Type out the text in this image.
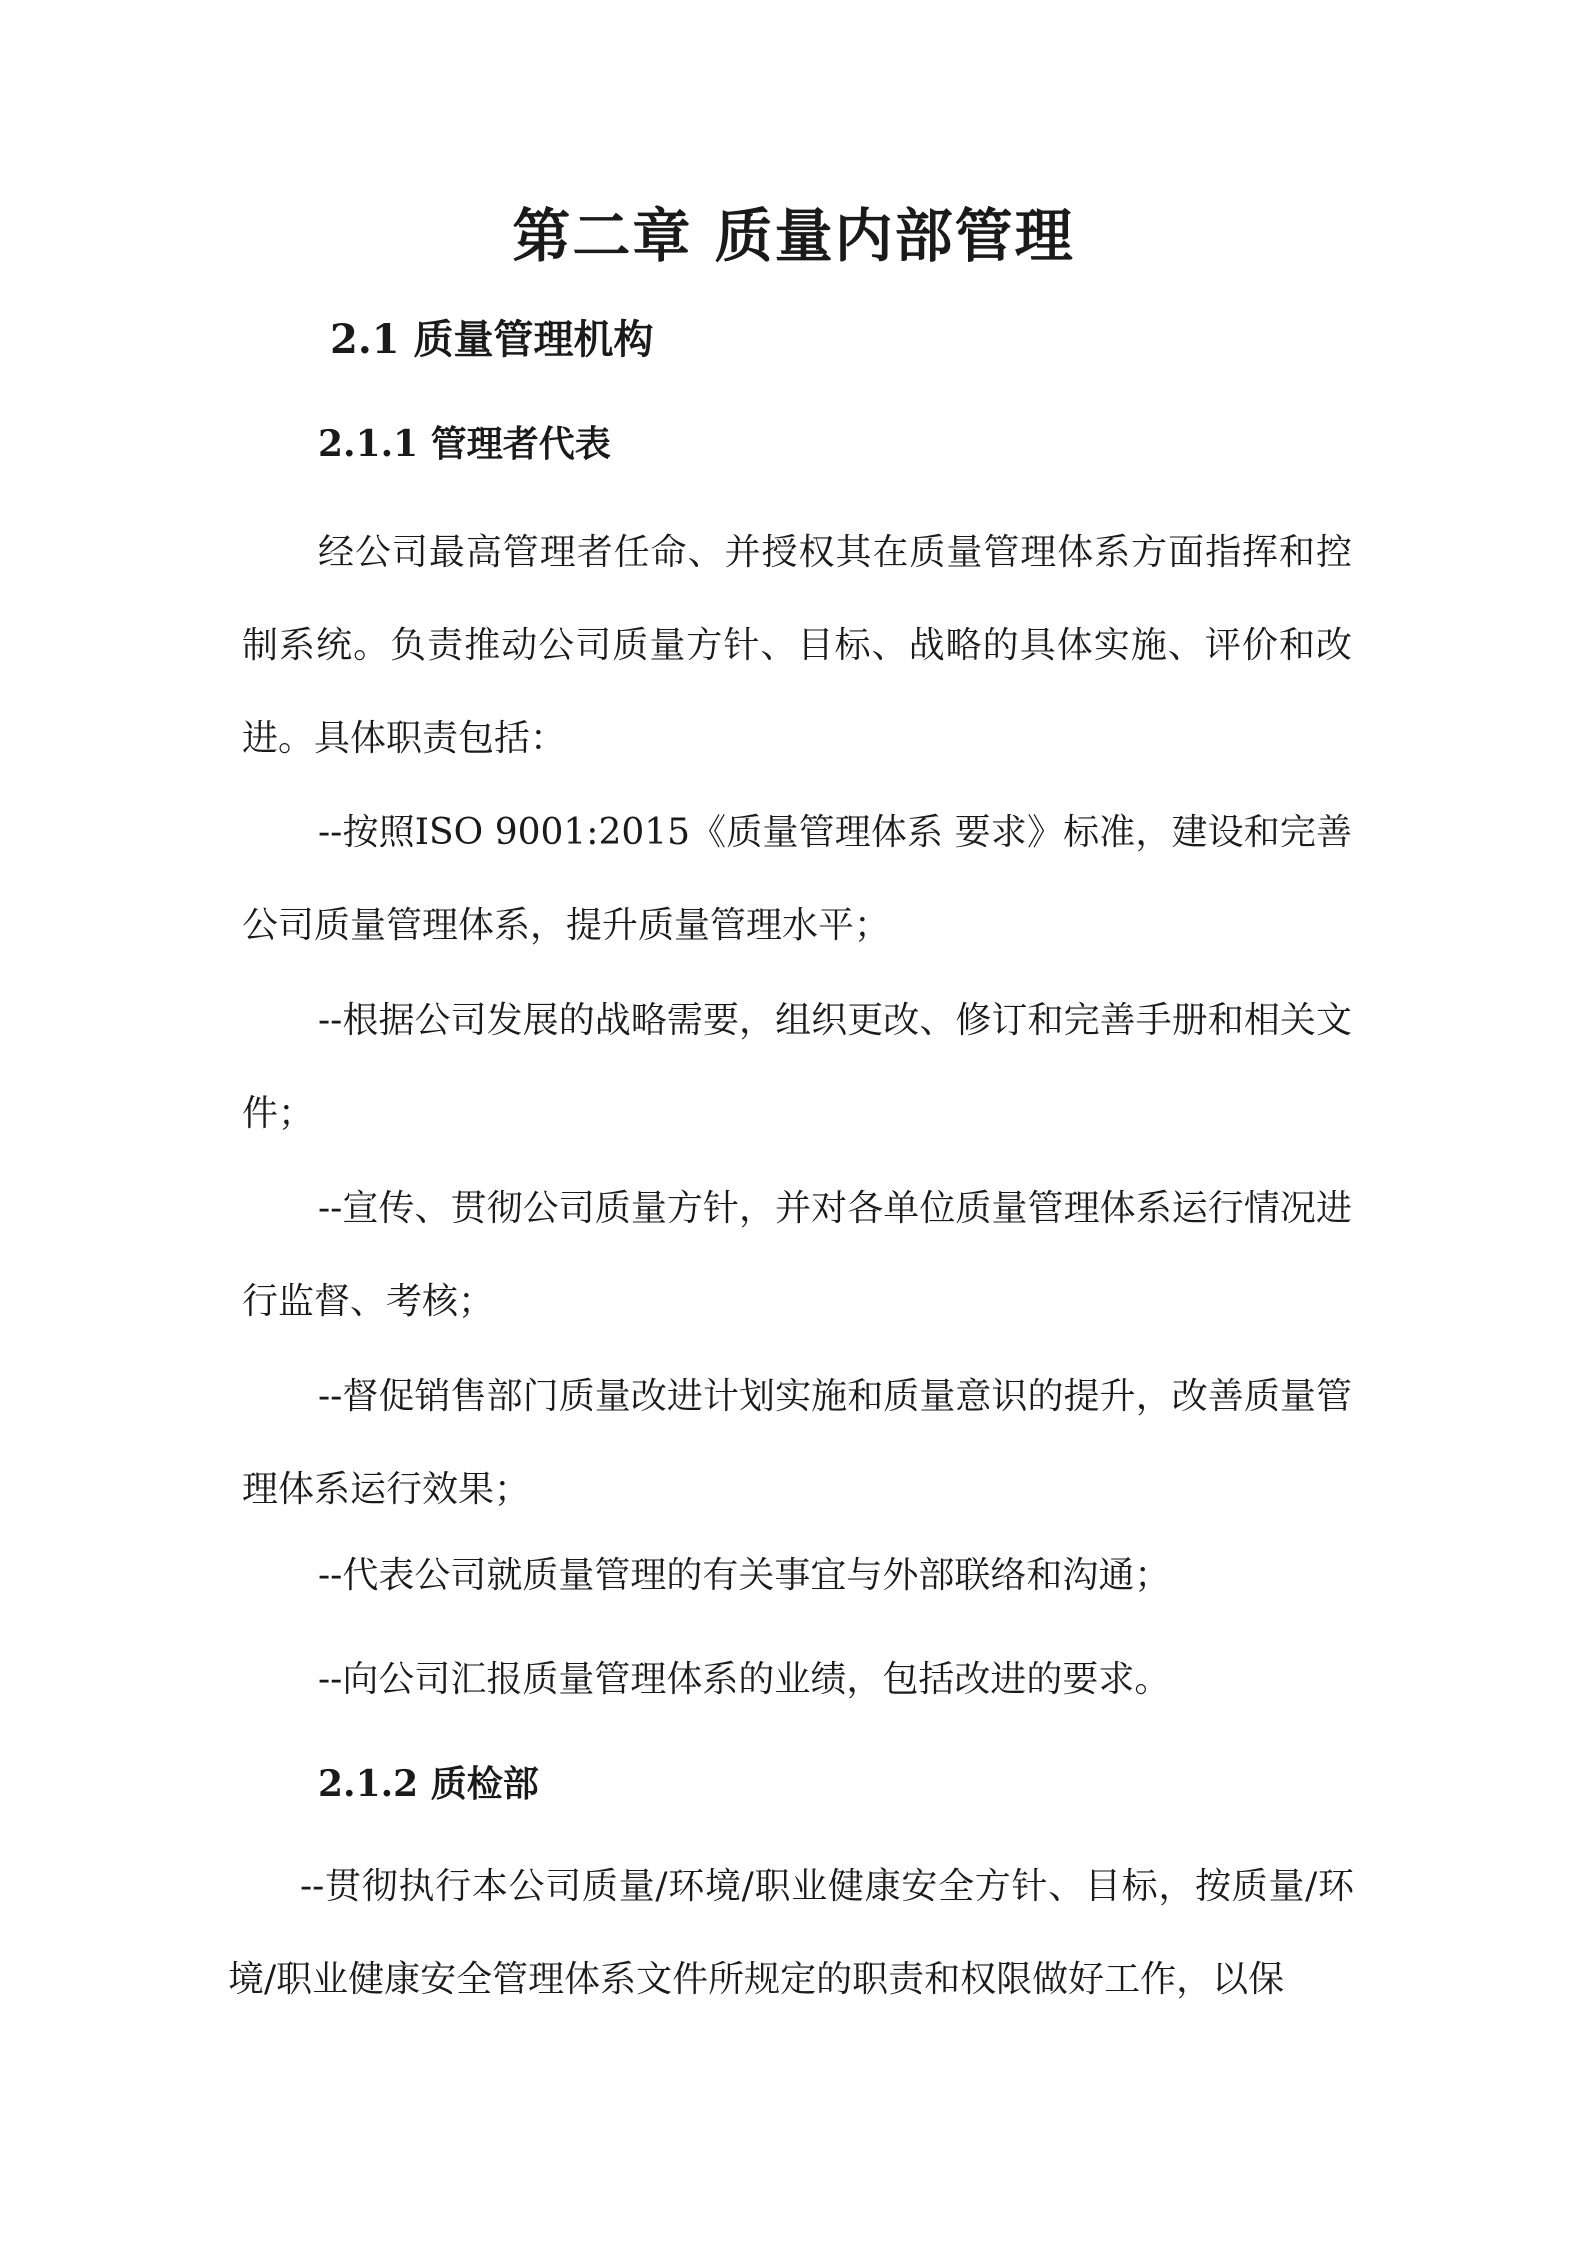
第二章 质量内部管理
2.1 质量管理机构
2.1.1 管理者代表

经公司最高管理者任命、并授权其在质量管理体系方面指挥和控制系统。负责推动公司质量方针、目标、战略的具体实施、评价和改进。具体职责包括：

--按照ISO 9001:2015《质量管理体系 要求》标准，建设和完善公司质量管理体系，提升质量管理水平；

--根据公司发展的战略需要，组织更改、修订和完善手册和相关文件；

--宣传、贯彻公司质量方针，并对各单位质量管理体系运行情况进行监督、考核；

--督促销售部门质量改进计划实施和质量意识的提升，改善质量管理体系运行效果；

--代表公司就质量管理的有关事宜与外部联络和沟通；

--向公司汇报质量管理体系的业绩，包括改进的要求。

2.1.2 质检部

--贯彻执行本公司质量/环境/职业健康安全方针、目标，按质量/环境/职业健康安全管理体系文件所规定的职责和权限做好工作，以保
